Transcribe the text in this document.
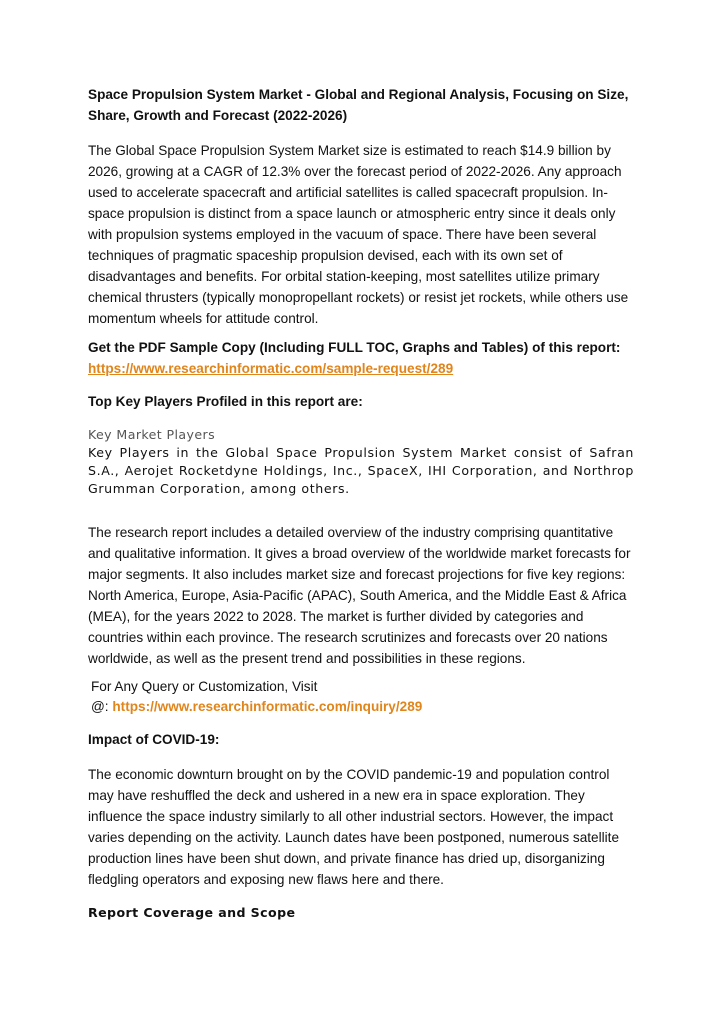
Space Propulsion System Market - Global and Regional Analysis, Focusing on Size, Share, Growth and Forecast (2022-2026)

The Global Space Propulsion System Market size is estimated to reach $14.9 billion by 2026, growing at a CAGR of 12.3% over the forecast period of 2022-2026. Any approach used to accelerate spacecraft and artificial satellites is called spacecraft propulsion. In-space propulsion is distinct from a space launch or atmospheric entry since it deals only with propulsion systems employed in the vacuum of space. There have been several techniques of pragmatic spaceship propulsion devised, each with its own set of disadvantages and benefits. For orbital station-keeping, most satellites utilize primary chemical thrusters (typically monopropellant rockets) or resist jet rockets, while others use momentum wheels for attitude control.

Get the PDF Sample Copy (Including FULL TOC, Graphs and Tables) of this report:
https://www.researchinformatic.com/sample-request/289

Top Key Players Profiled in this report are:

Key Market Players
Key Players in the Global Space Propulsion System Market consist of Safran S.A., Aerojet Rocketdyne Holdings, Inc., SpaceX, IHI Corporation, and Northrop Grumman Corporation, among others.

The research report includes a detailed overview of the industry comprising quantitative and qualitative information. It gives a broad overview of the worldwide market forecasts for major segments. It also includes market size and forecast projections for five key regions: North America, Europe, Asia-Pacific (APAC), South America, and the Middle East & Africa (MEA), for the years 2022 to 2028. The market is further divided by categories and countries within each province. The research scrutinizes and forecasts over 20 nations worldwide, as well as the present trend and possibilities in these regions.

For Any Query or Customization, Visit
@: https://www.researchinformatic.com/inquiry/289

Impact of COVID-19:

The economic downturn brought on by the COVID pandemic-19 and population control may have reshuffled the deck and ushered in a new era in space exploration. They influence the space industry similarly to all other industrial sectors. However, the impact varies depending on the activity. Launch dates have been postponed, numerous satellite production lines have been shut down, and private finance has dried up, disorganizing fledgling operators and exposing new flaws here and there.

Report Coverage and Scope
